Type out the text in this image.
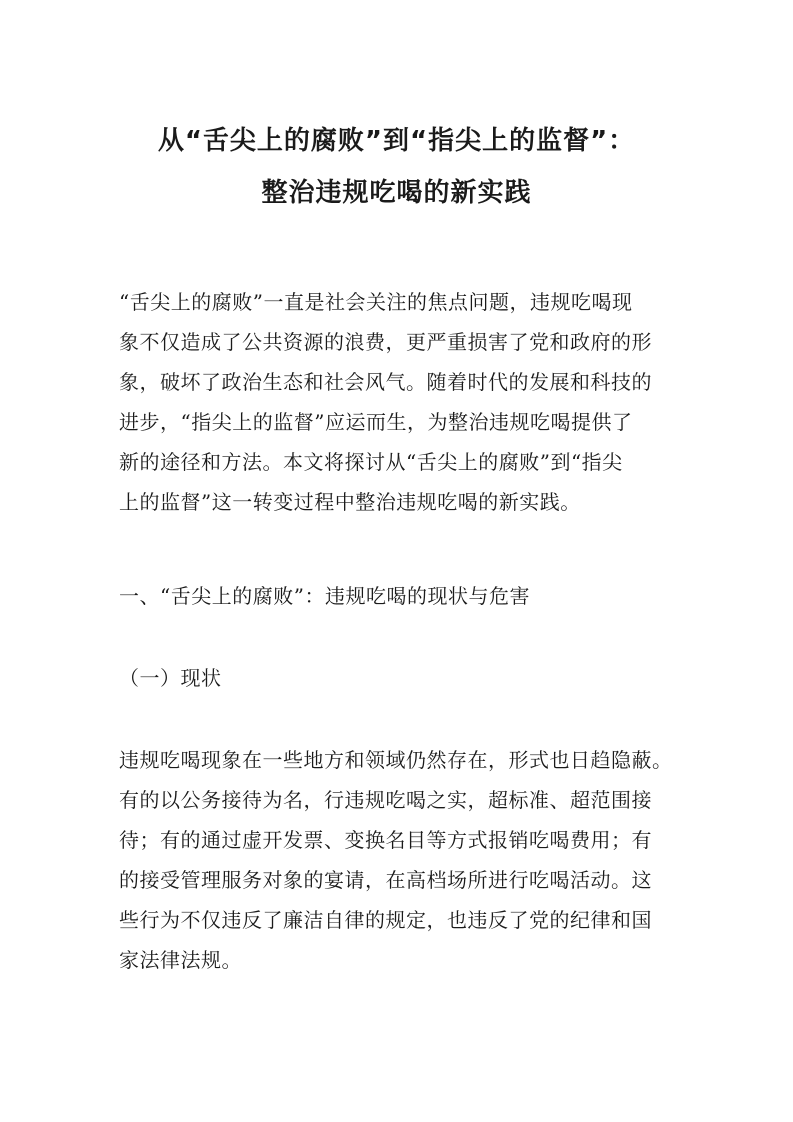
从“舌尖上的腐败”到“指尖上的监督”：
整治违规吃喝的新实践
“舌尖上的腐败”一直是社会关注的焦点问题，违规吃喝现
象不仅造成了公共资源的浪费，更严重损害了党和政府的形
象，破坏了政治生态和社会风气。随着时代的发展和科技的
进步，“指尖上的监督”应运而生，为整治违规吃喝提供了
新的途径和方法。本文将探讨从“舌尖上的腐败”到“指尖
上的监督”这一转变过程中整治违规吃喝的新实践。
一、“舌尖上的腐败”：违规吃喝的现状与危害
（一）现状
违规吃喝现象在一些地方和领域仍然存在，形式也日趋隐蔽。
有的以公务接待为名，行违规吃喝之实，超标准、超范围接
待；有的通过虚开发票、变换名目等方式报销吃喝费用；有
的接受管理服务对象的宴请，在高档场所进行吃喝活动。这
些行为不仅违反了廉洁自律的规定，也违反了党的纪律和国
家法律法规。
